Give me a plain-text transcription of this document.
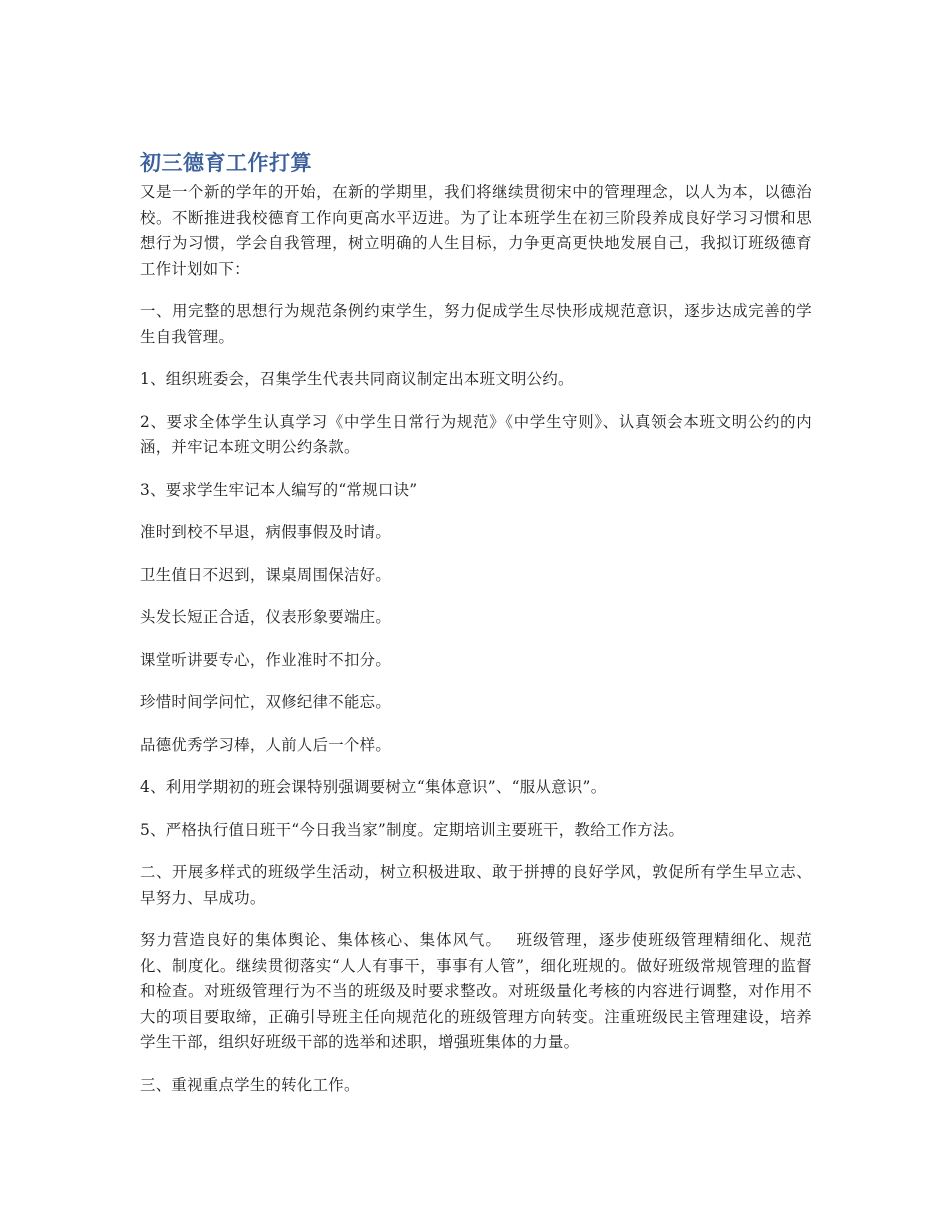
初三德育工作打算

又是一个新的学年的开始，在新的学期里，我们将继续贯彻宋中的管理理念，以人为本，以德治校。不断推进我校德育工作向更高水平迈进。为了让本班学生在初三阶段养成良好学习习惯和思想行为习惯，学会自我管理，树立明确的人生目标，力争更高更快地发展自己，我拟订班级德育工作计划如下：

一、用完整的思想行为规范条例约束学生，努力促成学生尽快形成规范意识，逐步达成完善的学生自我管理。

1、组织班委会，召集学生代表共同商议制定出本班文明公约。

2、要求全体学生认真学习《中学生日常行为规范》《中学生守则》、认真领会本班文明公约的内涵，并牢记本班文明公约条款。

3、要求学生牢记本人编写的“常规口诀”

准时到校不早退，病假事假及时请。

卫生值日不迟到，课桌周围保洁好。

头发长短正合适，仪表形象要端庄。

课堂听讲要专心，作业准时不扣分。

珍惜时间学问忙，双修纪律不能忘。

品德优秀学习棒，人前人后一个样。

4、利用学期初的班会课特别强调要树立“集体意识”、“服从意识”。

5、严格执行值日班干“今日我当家”制度。定期培训主要班干，教给工作方法。

二、开展多样式的班级学生活动，树立积极进取、敢于拼搏的良好学风，敦促所有学生早立志、早努力、早成功。

努力营造良好的集体舆论、集体核心、集体风气。　 班级管理，逐步使班级管理精细化、规范化、制度化。继续贯彻落实“人人有事干，事事有人管”，细化班规的。做好班级常规管理的监督和检查。对班级管理行为不当的班级及时要求整改。对班级量化考核的内容进行调整，对作用不大的项目要取缔，正确引导班主任向规范化的班级管理方向转变。注重班级民主管理建设，培养学生干部，组织好班级干部的选举和述职，增强班集体的力量。

三、重视重点学生的转化工作。
